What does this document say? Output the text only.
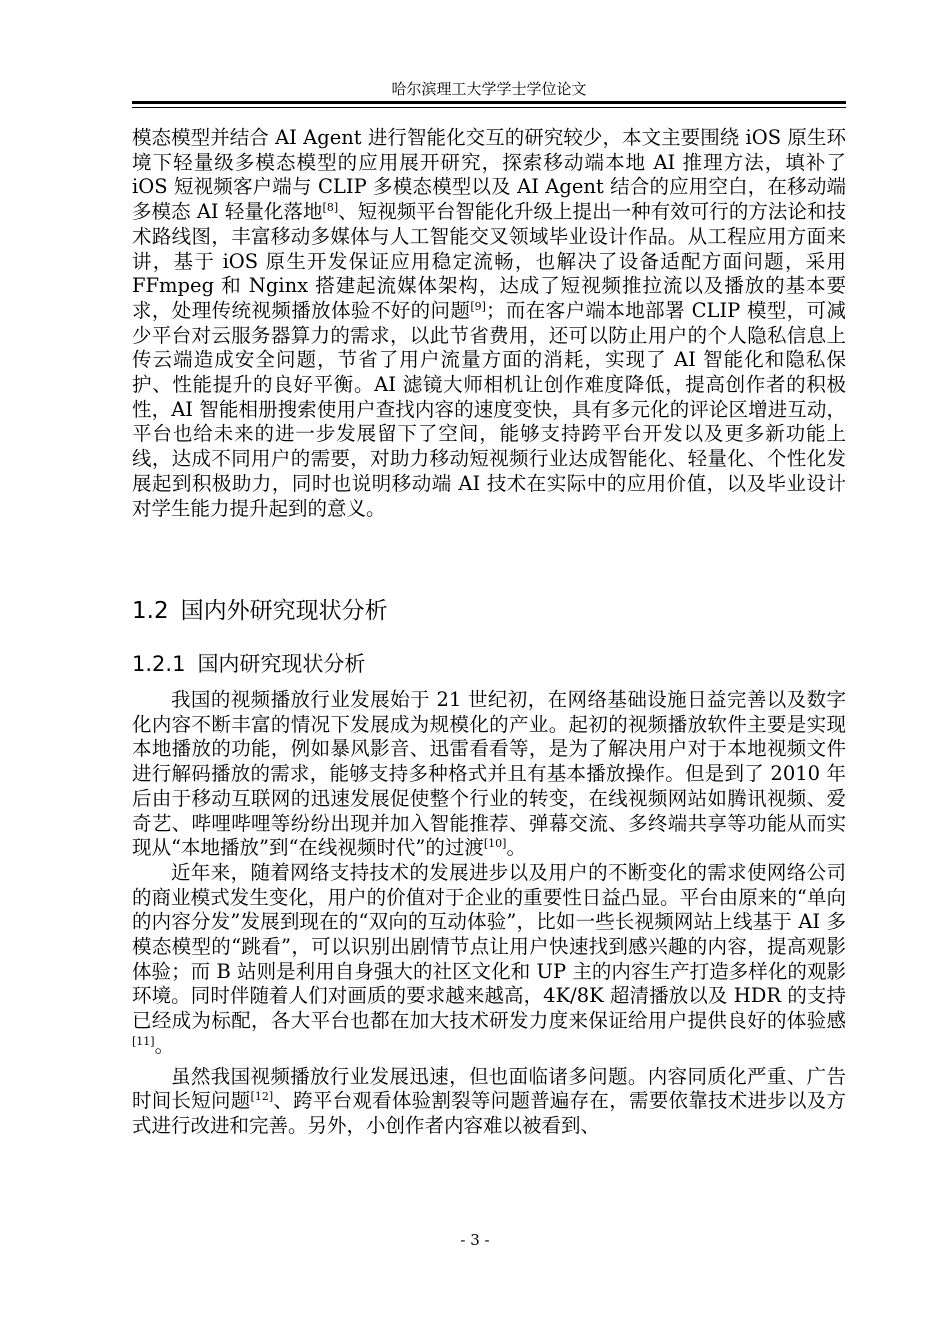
哈尔滨理工大学学士学位论文

模态模型并结合 AI Agent 进行智能化交互的研究较少，本文主要围绕 iOS 原生环境下轻量级多模态模型的应用展开研究，探索移动端本地 AI 推理方法，填补了 iOS 短视频客户端与 CLIP 多模态模型以及 AI Agent 结合的应用空白，在移动端多模态 AI 轻量化落地[8]、短视频平台智能化升级上提出一种有效可行的方法论和技术路线图，丰富移动多媒体与人工智能交叉领域毕业设计作品。从工程应用方面来讲，基于 iOS 原生开发保证应用稳定流畅，也解决了设备适配方面问题，采用 FFmpeg 和 Nginx 搭建起流媒体架构，达成了短视频推拉流以及播放的基本要求，处理传统视频播放体验不好的问题[9]；而在客户端本地部署 CLIP 模型，可减少平台对云服务器算力的需求，以此节省费用，还可以防止用户的个人隐私信息上传云端造成安全问题，节省了用户流量方面的消耗，实现了 AI 智能化和隐私保护、性能提升的良好平衡。AI 滤镜大师相机让创作难度降低，提高创作者的积极性，AI 智能相册搜索使用户查找内容的速度变快，具有多元化的评论区增进互动，平台也给未来的进一步发展留下了空间，能够支持跨平台开发以及更多新功能上线，达成不同用户的需要，对助力移动短视频行业达成智能化、轻量化、个性化发展起到积极助力，同时也说明移动端 AI 技术在实际中的应用价值，以及毕业设计对学生能力提升起到的意义。

1.2 国内外研究现状分析
1.2.1 国内研究现状分析

我国的视频播放行业发展始于 21 世纪初，在网络基础设施日益完善以及数字化内容不断丰富的情况下发展成为规模化的产业。起初的视频播放软件主要是实现本地播放的功能，例如暴风影音、迅雷看看等，是为了解决用户对于本地视频文件进行解码播放的需求，能够支持多种格式并且有基本播放操作。但是到了 2010 年后由于移动互联网的迅速发展促使整个行业的转变，在线视频网站如腾讯视频、爱奇艺、哔哩哔哩等纷纷出现并加入智能推荐、弹幕交流、多终端共享等功能从而实现从“本地播放”到“在线视频时代”的过渡[10]。

近年来，随着网络支持技术的发展进步以及用户的不断变化的需求使网络公司的商业模式发生变化，用户的价值对于企业的重要性日益凸显。平台由原来的“单向的内容分发”发展到现在的“双向的互动体验”，比如一些长视频网站上线基于 AI 多模态模型的“跳看”，可以识别出剧情节点让用户快速找到感兴趣的内容，提高观影体验；而 B 站则是利用自身强大的社区文化和 UP 主的内容生产打造多样化的观影环境。同时伴随着人们对画质的要求越来越高，4K/8K 超清播放以及 HDR 的支持已经成为标配，各大平台也都在加大技术研发力度来保证给用户提供良好的体验感[11]。

虽然我国视频播放行业发展迅速，但也面临诸多问题。内容同质化严重、广告时间长短问题[12]、跨平台观看体验割裂等问题普遍存在，需要依靠技术进步以及方式进行改进和完善。另外，小创作者内容难以被看到、

- 3 -
